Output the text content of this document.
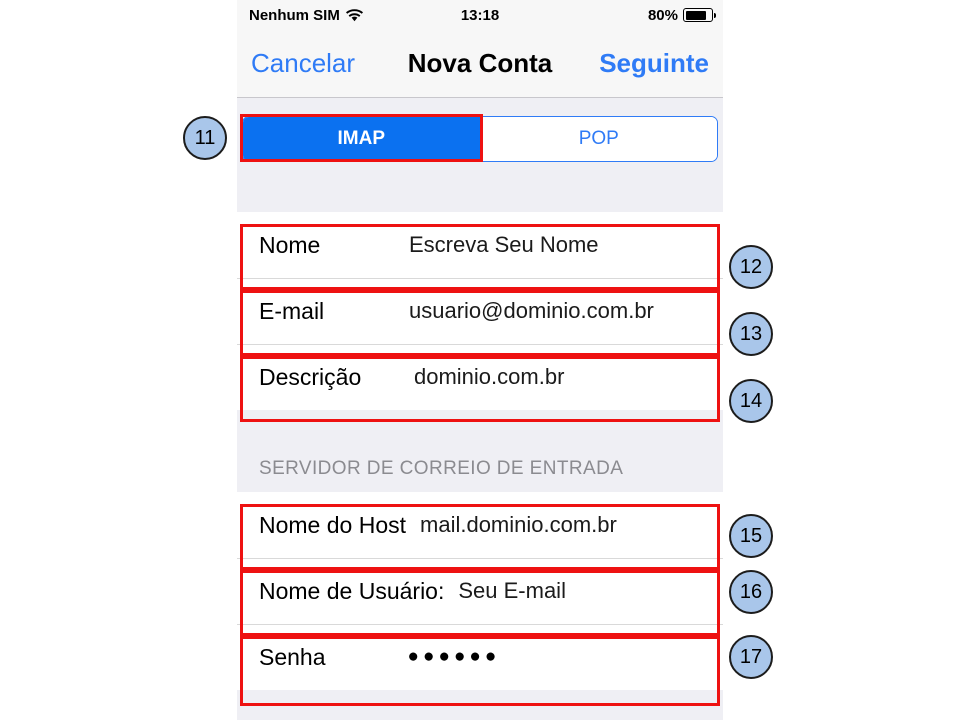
Nenhum SIM	13:18	80%
Cancelar	Nova Conta	Seguinte
IMAP	POP
Nome	Escreva Seu Nome
E-mail	usuario@dominio.com.br
Descrição	dominio.com.br
SERVIDOR DE CORREIO DE ENTRADA
Nome do Host mail.dominio.com.br
Nome de Usuário: Seu E-mail
Senha	●●●●●●
11
12
13
14
15
16
17
